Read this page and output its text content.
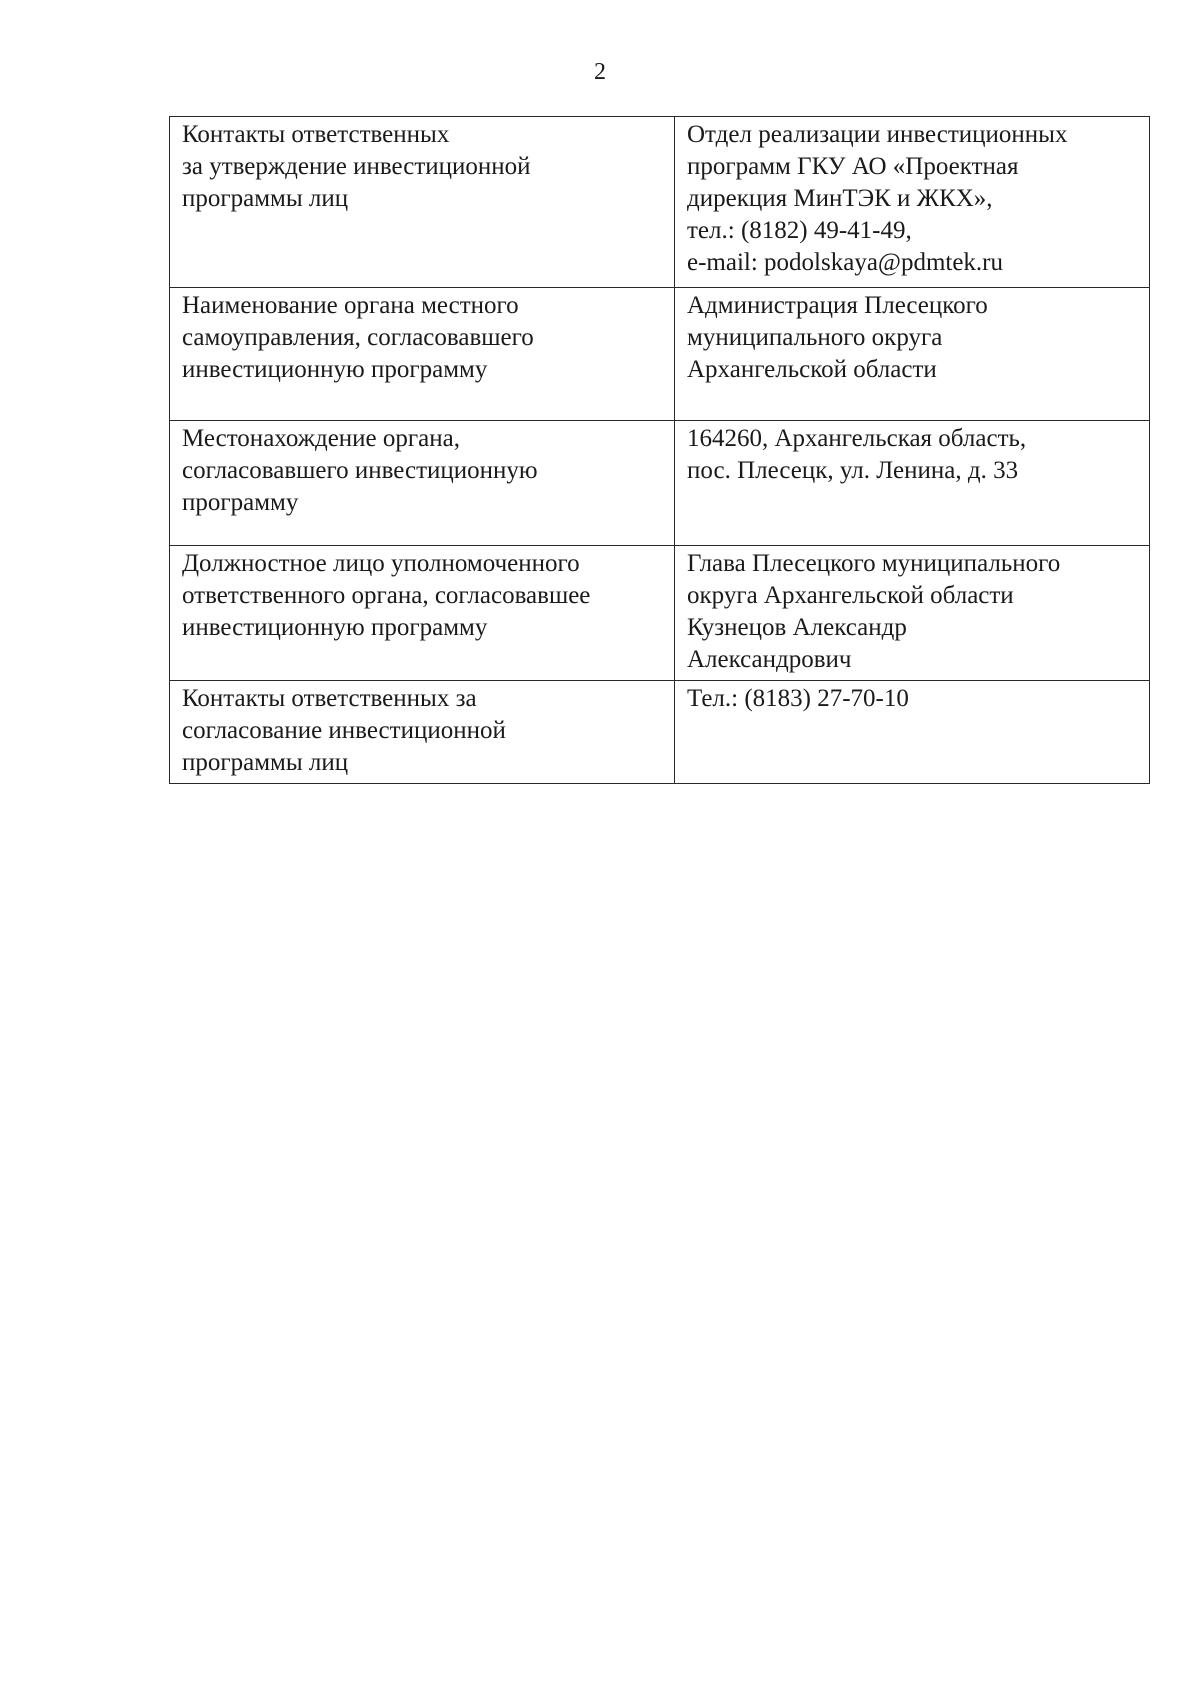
2
Контакты ответственных
за утверждение инвестиционной
программы лиц	Отдел реализации инвестиционных
программ ГКУ АО «Проектная
дирекция МинТЭК и ЖКХ»,
тел.: (8182) 49-41-49,
e-mail: podolskaya@pdmtek.ru

Наименование органа местного
самоуправления, согласовавшего
инвестиционную программу	Администрация Плесецкого
муниципального округа
Архангельской области

Местонахождение органа,
согласовавшего инвестиционную
программу	164260, Архангельская область,
пос. Плесецк, ул. Ленина, д. 33

Должностное лицо уполномоченного
ответственного органа, согласовавшее
инвестиционную программу	Глава Плесецкого муниципального
округа Архангельской области
Кузнецов Александр
Александрович

Контакты ответственных за
согласование инвестиционной
программы лиц	Тел.: (8183) 27-70-10
